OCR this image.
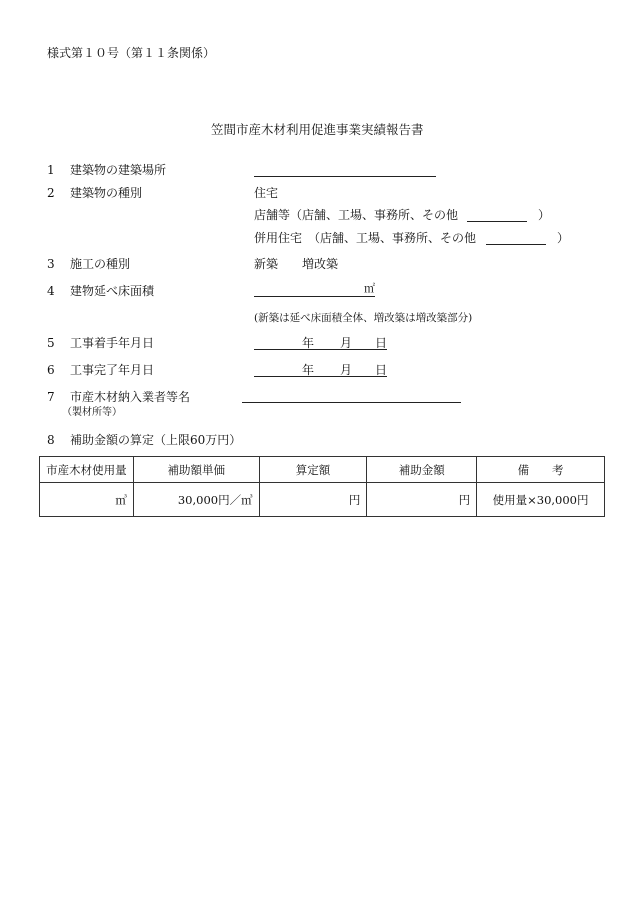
様式第１０号（第１１条関係）
笠間市産木材利用促進事業実績報告書
1 建築物の建築場所
2 建築物の種別	住宅
店舗等（店舗、工場、事務所、その他	）
併用住宅　（店舗、工場、事務所、その他	）
3 施工の種別	新築 増改築
4 建物延べ床面積	㎡
(新築は延べ床面積全体、増改築は増改築部分)
5 工事着手年月日	年 月 日
6 工事完了年月日	年 月 日
7 市産木材納入業者等名
（製材所等）
8 補助金額の算定（上限60万円）
市産木材使用量	補助額単価	算定額	補助金額	備　　考
㎥	30,000円／㎥	円	円	使用量×30,000円
